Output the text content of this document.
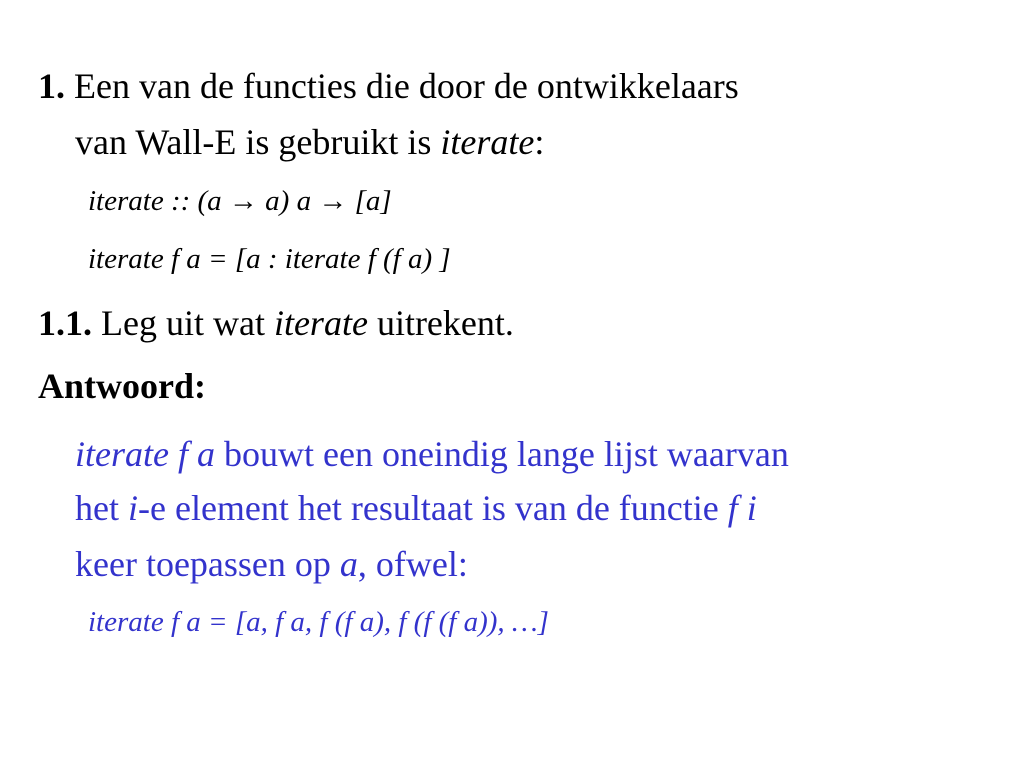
1. Een van de functies die door de ontwikkelaars
van Wall-E is gebruikt is iterate:
iterate :: (a → a) a → [a]
iterate f a = [a : iterate f (f a) ]
1.1. Leg uit wat iterate uitrekent.
Antwoord:
iterate f a bouwt een oneindig lange lijst waarvan
het i-e element het resultaat is van de functie f i
keer toepassen op a, ofwel:
iterate f a = [a, f a, f (f a), f (f (f a)), …]
